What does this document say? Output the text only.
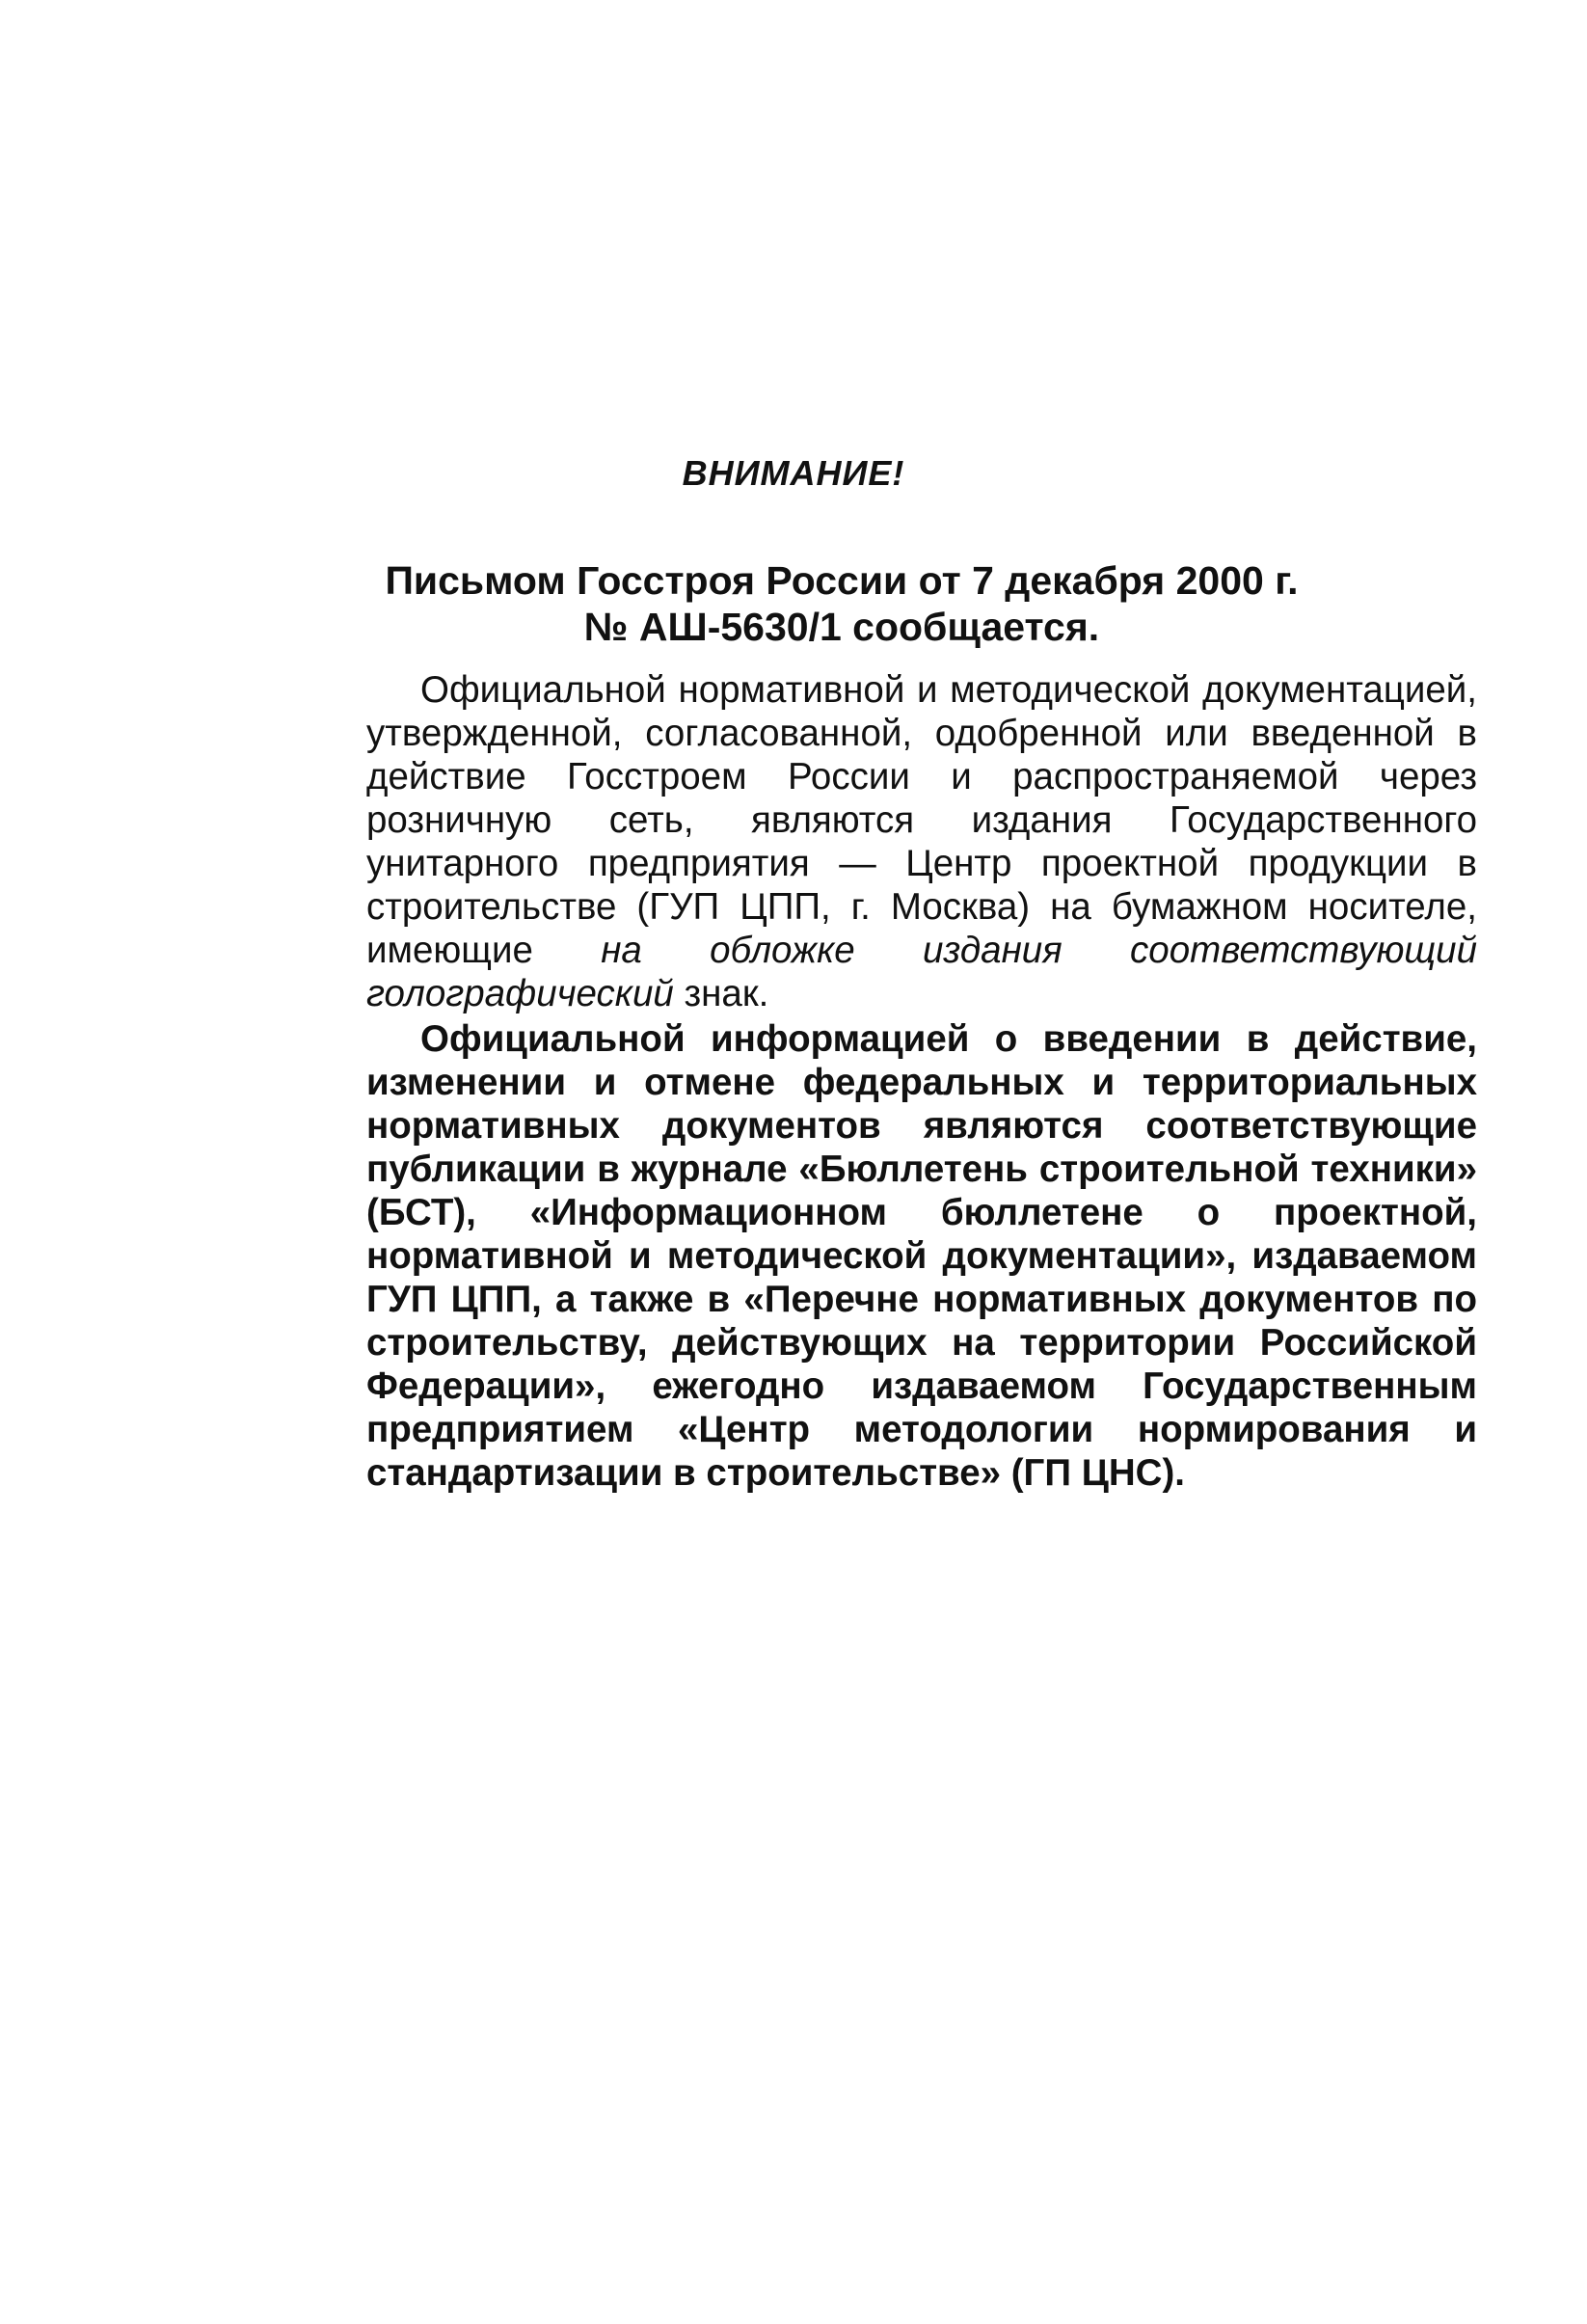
ВНИМАНИЕ!
Письмом Госстроя России от 7 декабря 2000 г.
№ АШ-5630/1 сообщается.

Официальной нормативной и методической документацией, утвержденной, согласованной, одобренной или введенной в действие Госстроем России и распространяемой через розничную сеть, являются издания Государственного унитарного предприятия — Центр проектной продукции в строительстве (ГУП ЦПП, г. Москва) на бумажном носителе, имеющие на обложке издания соответствующий голографический знак.

Официальной информацией о введении в действие, изменении и отмене федеральных и территориальных нормативных документов являются соответствующие публикации в журнале «Бюллетень строительной техники» (БСТ), «Информационном бюллетене о проектной, нормативной и методической документации», издаваемом ГУП ЦПП, а также в «Перечне нормативных документов по строительству, действующих на территории Российской Федерации», ежегодно издаваемом Государственным предприятием «Центр методологии нормирования и стандартизации в строительстве» (ГП ЦНС).
